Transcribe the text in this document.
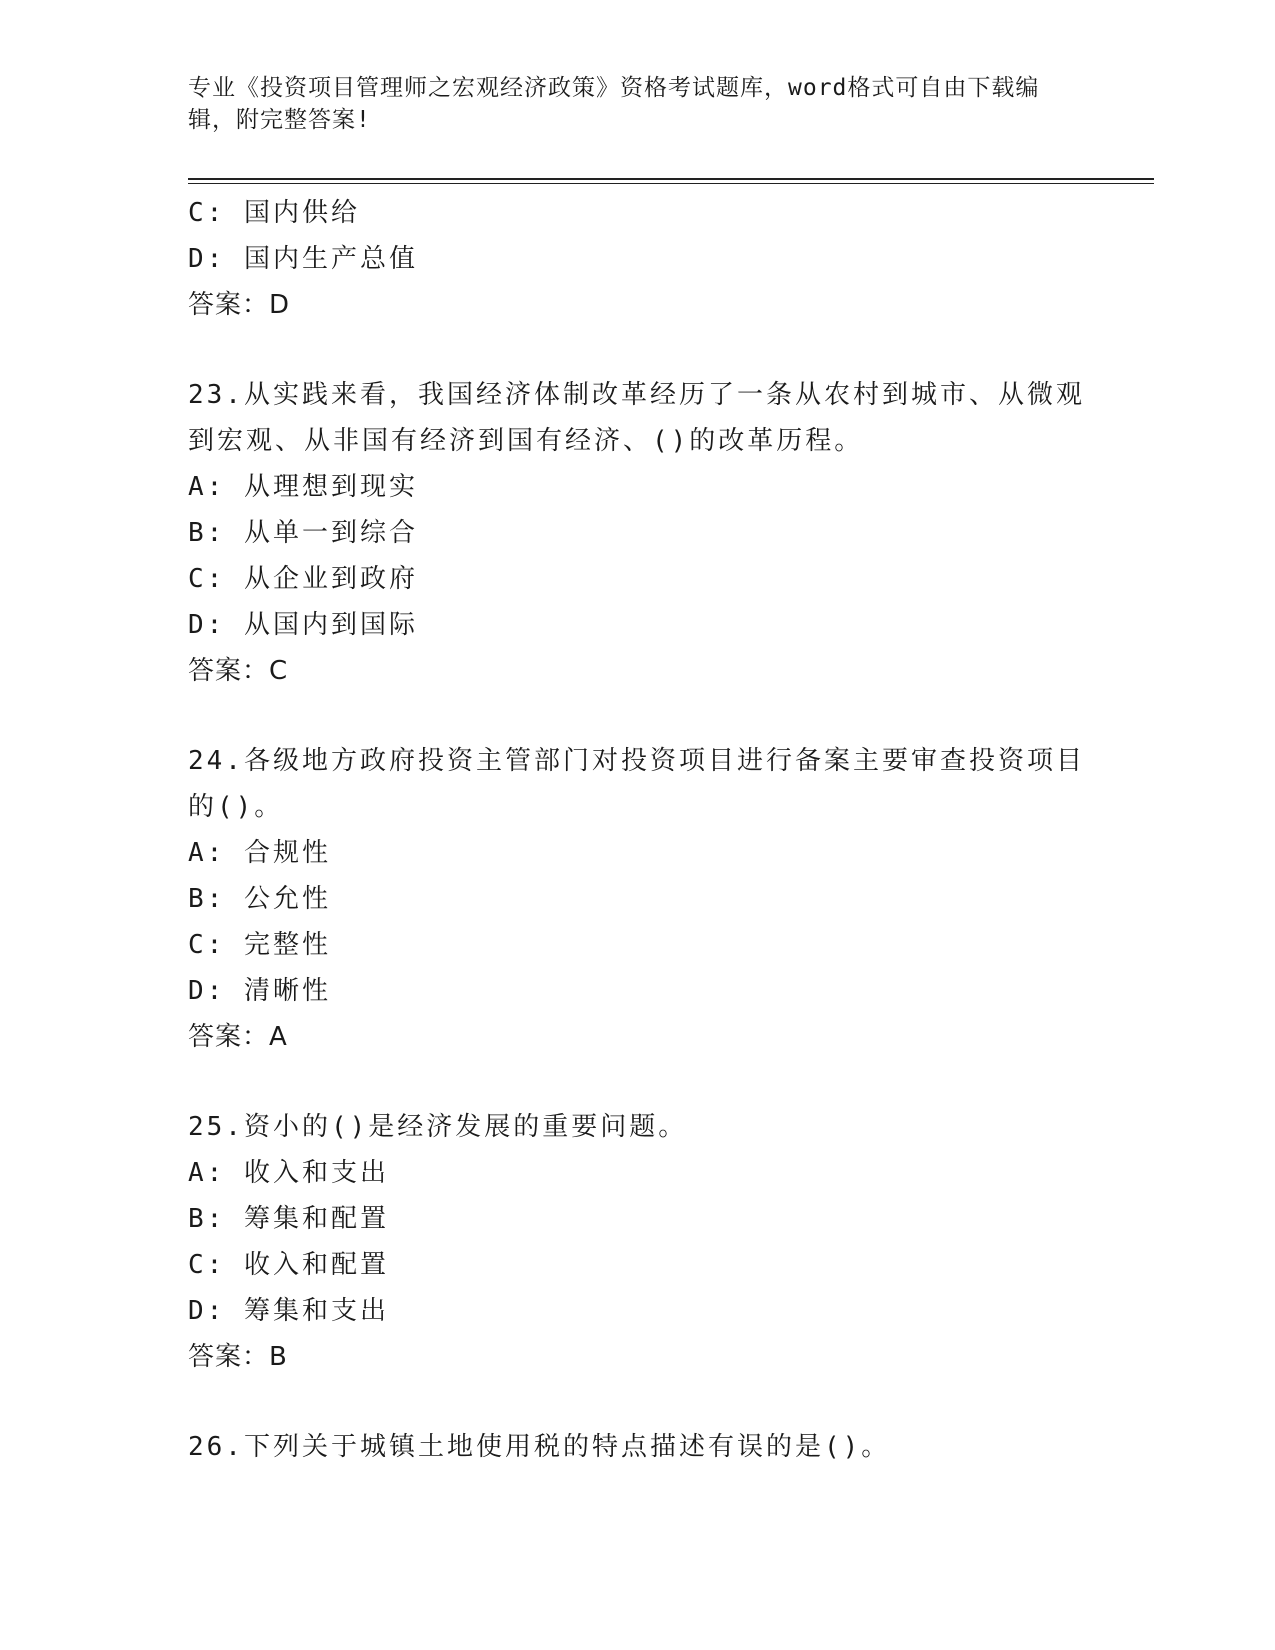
专业《投资项目管理师之宏观经济政策》资格考试题库，word格式可自由下载编
辑，附完整答案!
C: 国内供给
D: 国内生产总值
答案：D
23.从实践来看，我国经济体制改革经历了一条从农村到城市、从微观
到宏观、从非国有经济到国有经济、()的改革历程。
A: 从理想到现实
B: 从单一到综合
C: 从企业到政府
D: 从国内到国际
答案：C
24.各级地方政府投资主管部门对投资项目进行备案主要审查投资项目
的()。
A: 合规性
B: 公允性
C: 完整性
D: 清晰性
答案：A
25.资小的()是经济发展的重要问题。
A: 收入和支出
B: 筹集和配置
C: 收入和配置
D: 筹集和支出
答案：B
26.下列关于城镇土地使用税的特点描述有误的是()。
